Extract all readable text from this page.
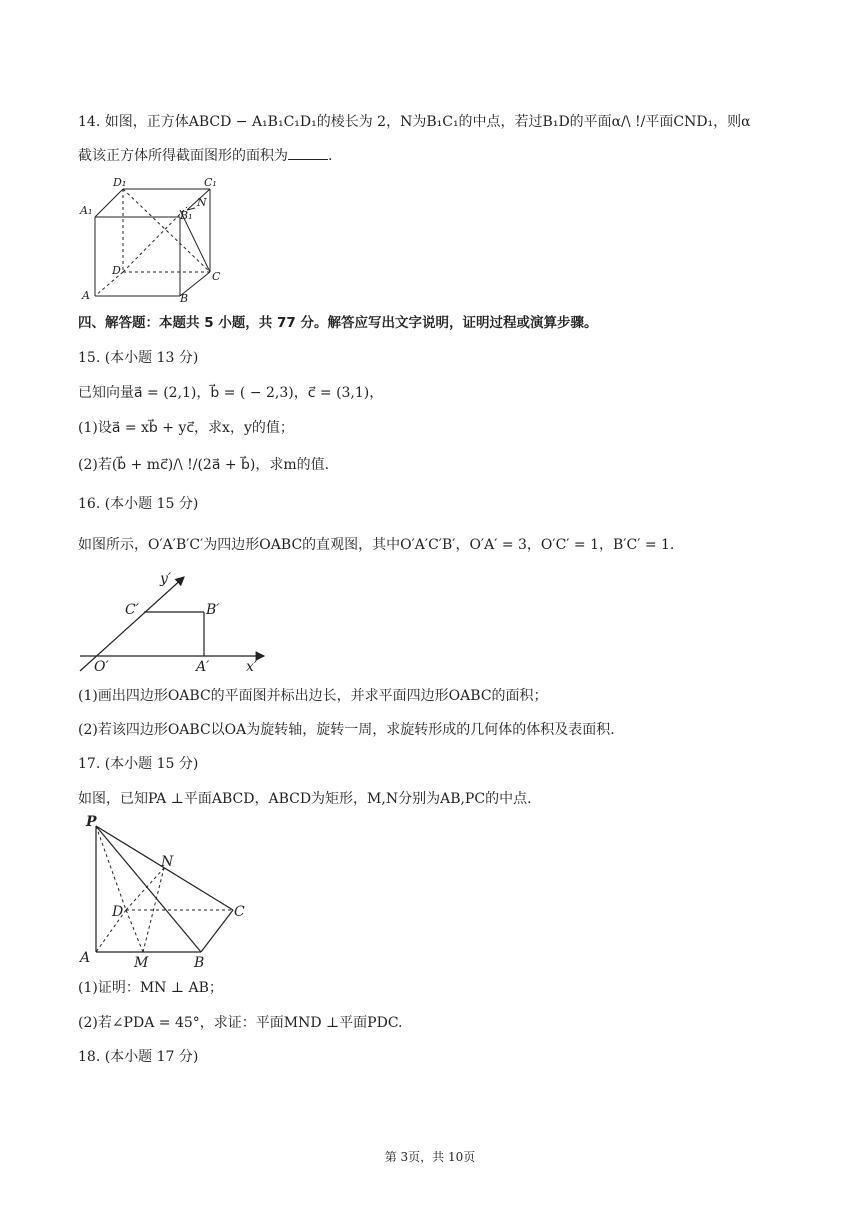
14. 如图，正方体ABCD − A₁B₁C₁D₁的棱长为 2，N为B₁C₁的中点，若过B₁D的平面α/\ !/平面CND₁，则α
截该正方体所得截面图形的面积为	.
D₁	C₁
A₁	B₁
N
D	C
A	B
四、解答题：本题共 5 小题，共 77 分。解答应写出文字说明，证明过程或演算步骤。
15. (本小题 13 分)
已知向量a⃗ = (2,1)，b⃗ = ( − 2,3)，c⃗ = (3,1)，
(1)设a⃗ = xb⃗ + yc⃗，求x，y的值；
(2)若(b⃗ + mc⃗)/\ !/(2a⃗ + b⃗)，求m的值.
16. (本小题 15 分)
如图所示，O′A′B′C′为四边形OABC的直观图，其中O′A′C′B′，O′A′ = 3，O′C′ = 1，B′C′ = 1.
y′
C′	B′
O′	A′	x′
(1)画出四边形OABC的平面图并标出边长，并求平面四边形OABC的面积；
(2)若该四边形OABC以OA为旋转轴，旋转一周，求旋转形成的几何体的体积及表面积.
17. (本小题 15 分)
如图，已知PA ⊥平面ABCD，ABCD为矩形，M,N分别为AB,PC的中点.
P
N
D	C
A	M	B
(1)证明：MN ⊥ AB；
(2)若∠PDA = 45°，求证：平面MND ⊥平面PDC.
18. (本小题 17 分)
第 3页，共 10页
